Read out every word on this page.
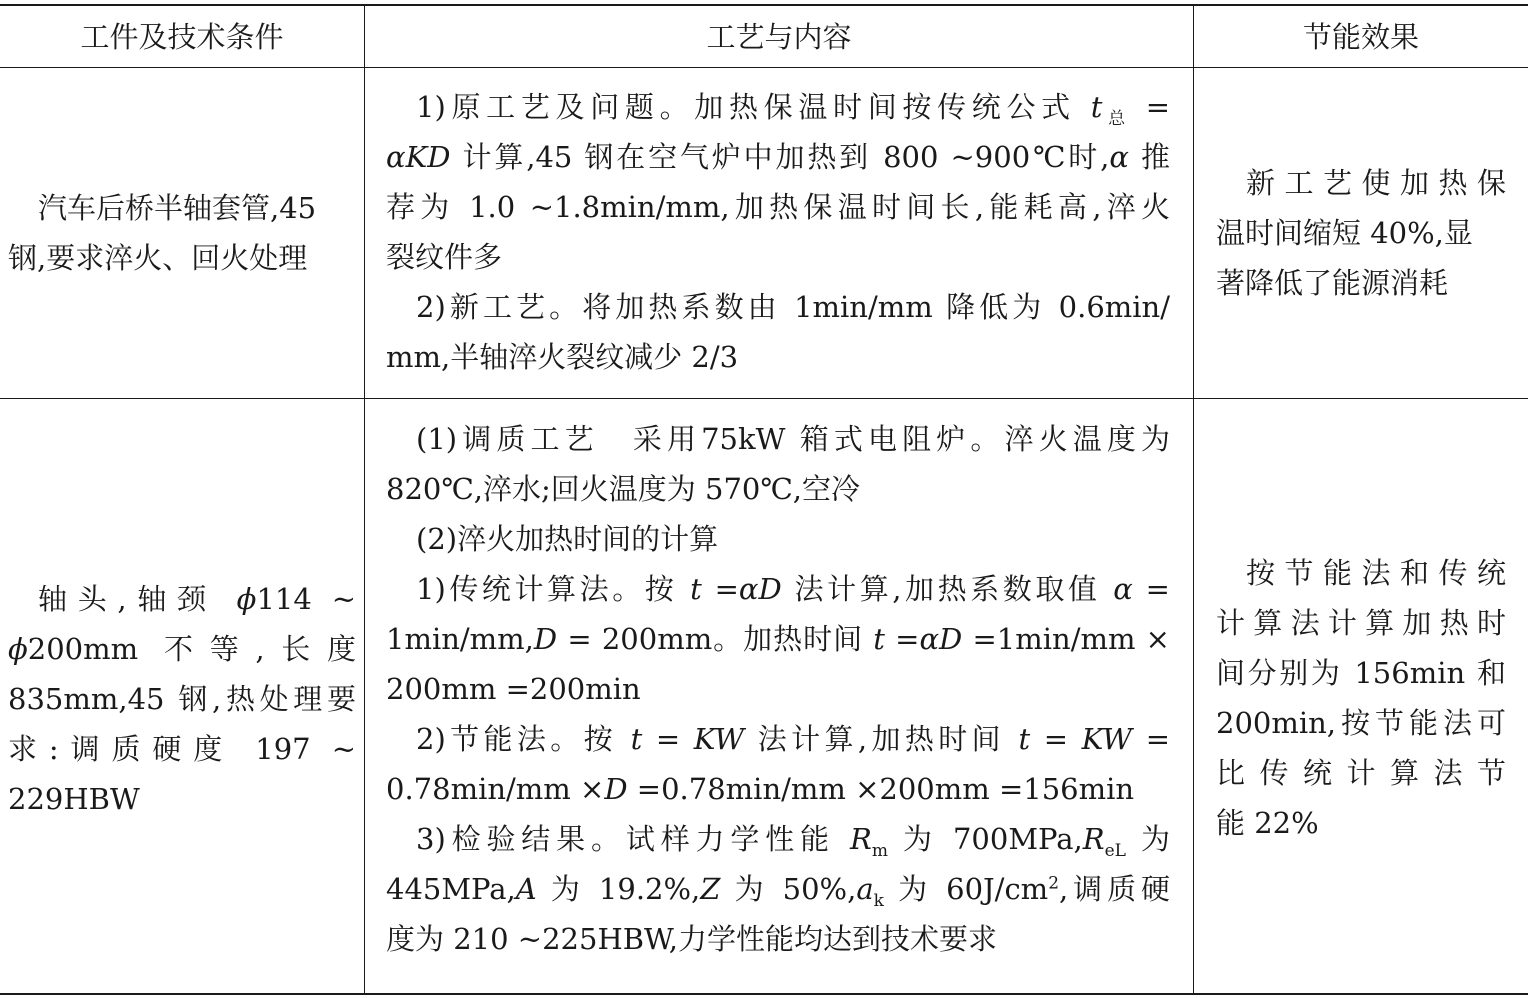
工件及技术条件	工艺与内容	节能效果
汽车后桥半轴套管,45
钢,要求淬火、回火处理
1)原工艺及问题。加热保温时间按传统公式 $t_总$ =
αKD 计算,45 钢在空气炉中加热到 800 ~900℃时,α 推
荐为 1.0 ~1.8min/mm,加热保温时间长,能耗高,淬火
裂纹件多
2)新工艺。将加热系数由 1min/mm 降低为 0.6min/
mm,半轴淬火裂纹减少 2/3
新工艺使加热保
温时间缩短 40%,显
著降低了能源消耗
轴头,轴颈 ϕ114 ~
ϕ200mm 不等,长度
835mm,45 钢,热处理要
求:调质硬度 197 ~
229HBW
(1)调质工艺　采用75kW 箱式电阻炉。淬火温度为
820℃,淬水;回火温度为 570℃,空冷
(2)淬火加热时间的计算
1)传统计算法。按 t =αD 法计算,加热系数取值 α =
1min/mm,D = 200mm。加热时间 t =αD =1min/mm ×
200mm =200min
2)节能法。按 t = KW 法计算,加热时间 t = KW =
0.78min/mm ×D =0.78min/mm ×200mm =156min
3)检验结果。试样力学性能 $R_m$ 为 $700MPa,R_{eL}$ 为
445MPa,A 为 19.2%,Z 为 $50\%,a_k$ 为 $60J/cm^2$,调质硬
度为 210 ~225HBW,力学性能均达到技术要求
按节能法和传统
计算法计算加热时
间分别为 156min 和
200min,按节能法可
比传统计算法节
能 22%
